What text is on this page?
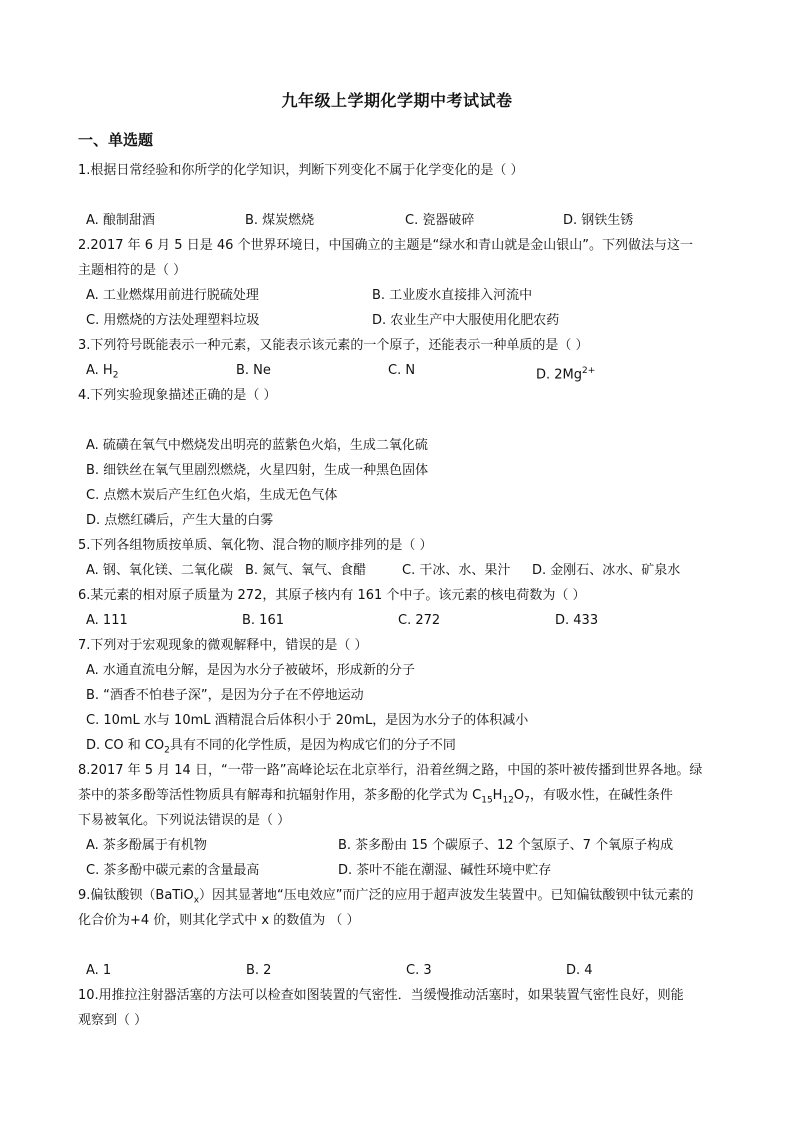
九年级上学期化学期中考试试卷
一、单选题
1.根据日常经验和你所学的化学知识，判断下列变化不属于化学变化的是（ ）
A. 酿制甜酒	B. 煤炭燃烧	C. 瓷器破碎	D. 钢铁生锈
2.2017 年 6 月 5 日是 46 个世界环境日，中国确立的主题是“绿水和青山就是金山银山”。下列做法与这一
主题相符的是（ ）
A. 工业燃煤用前进行脱硫处理	B. 工业废水直接排入河流中
C. 用燃烧的方法处理塑料垃圾	D. 农业生产中大服使用化肥农药
3.下列符号既能表示一种元素，又能表示该元素的一个原子，还能表示一种单质的是（ ）
A. $H_2$	B. Ne	C. N	D. $2Mg^{2+}$
4.下列实验现象描述正确的是（ ）
A. 硫磺在氧气中燃烧发出明亮的蓝紫色火焰，生成二氧化硫
B. 细铁丝在氧气里剧烈燃烧，火星四射，生成一种黑色固体
C. 点燃木炭后产生红色火焰，生成无色气体
D. 点燃红磷后，产生大量的白雾
5.下列各组物质按单质、氧化物、混合物的顺序排列的是（ ）
A. 钢、氧化镁、二氧化碳 B. 氮气、氧气、食醋	C. 干冰、水、果汁 D. 金刚石、冰水、矿泉水
6.某元素的相对原子质量为 272，其原子核内有 161 个中子。该元素的核电荷数为（ ）
A. 111	B. 161	C. 272	D. 433
7.下列对于宏观现象的微观解释中，错误的是（ ）
A. 水通直流电分解，是因为水分子被破坏，形成新的分子
B. “酒香不怕巷子深”，是因为分子在不停地运动
C. 10mL 水与 10mL 酒精混合后体积小于 20mL，是因为水分子的体积减小
D. CO 和 $CO_2$具有不同的化学性质，是因为构成它们的分子不同
8.2017 年 5 月 14 日，“一带一路”高峰论坛在北京举行，沿着丝绸之路，中国的茶叶被传播到世界各地。绿
茶中的茶多酚等活性物质具有解毒和抗辐射作用，茶多酚的化学式为 $C_{15}H_{12}O_7$，有吸水性，在碱性条件
下易被氧化。下列说法错误的是（ ）
A. 茶多酚属于有机物	B. 茶多酚由 15 个碳原子、12 个氢原子、7 个氧原子构成
C. 茶多酚中碳元素的含量最高	D. 茶叶不能在潮湿、碱性环境中贮存
9.偏钛酸钡（BaTiO$_x$）因其显著地“压电效应”而广泛的应用于超声波发生装置中。已知偏钛酸钡中钛元素的
化合价为+4 价，则其化学式中 x 的数值为 （ ）
A. 1	B. 2	C. 3	D. 4
10.用推拉注射器活塞的方法可以检查如图装置的气密性．当缓慢推动活塞时，如果装置气密性良好，则能
观察到（ ）
